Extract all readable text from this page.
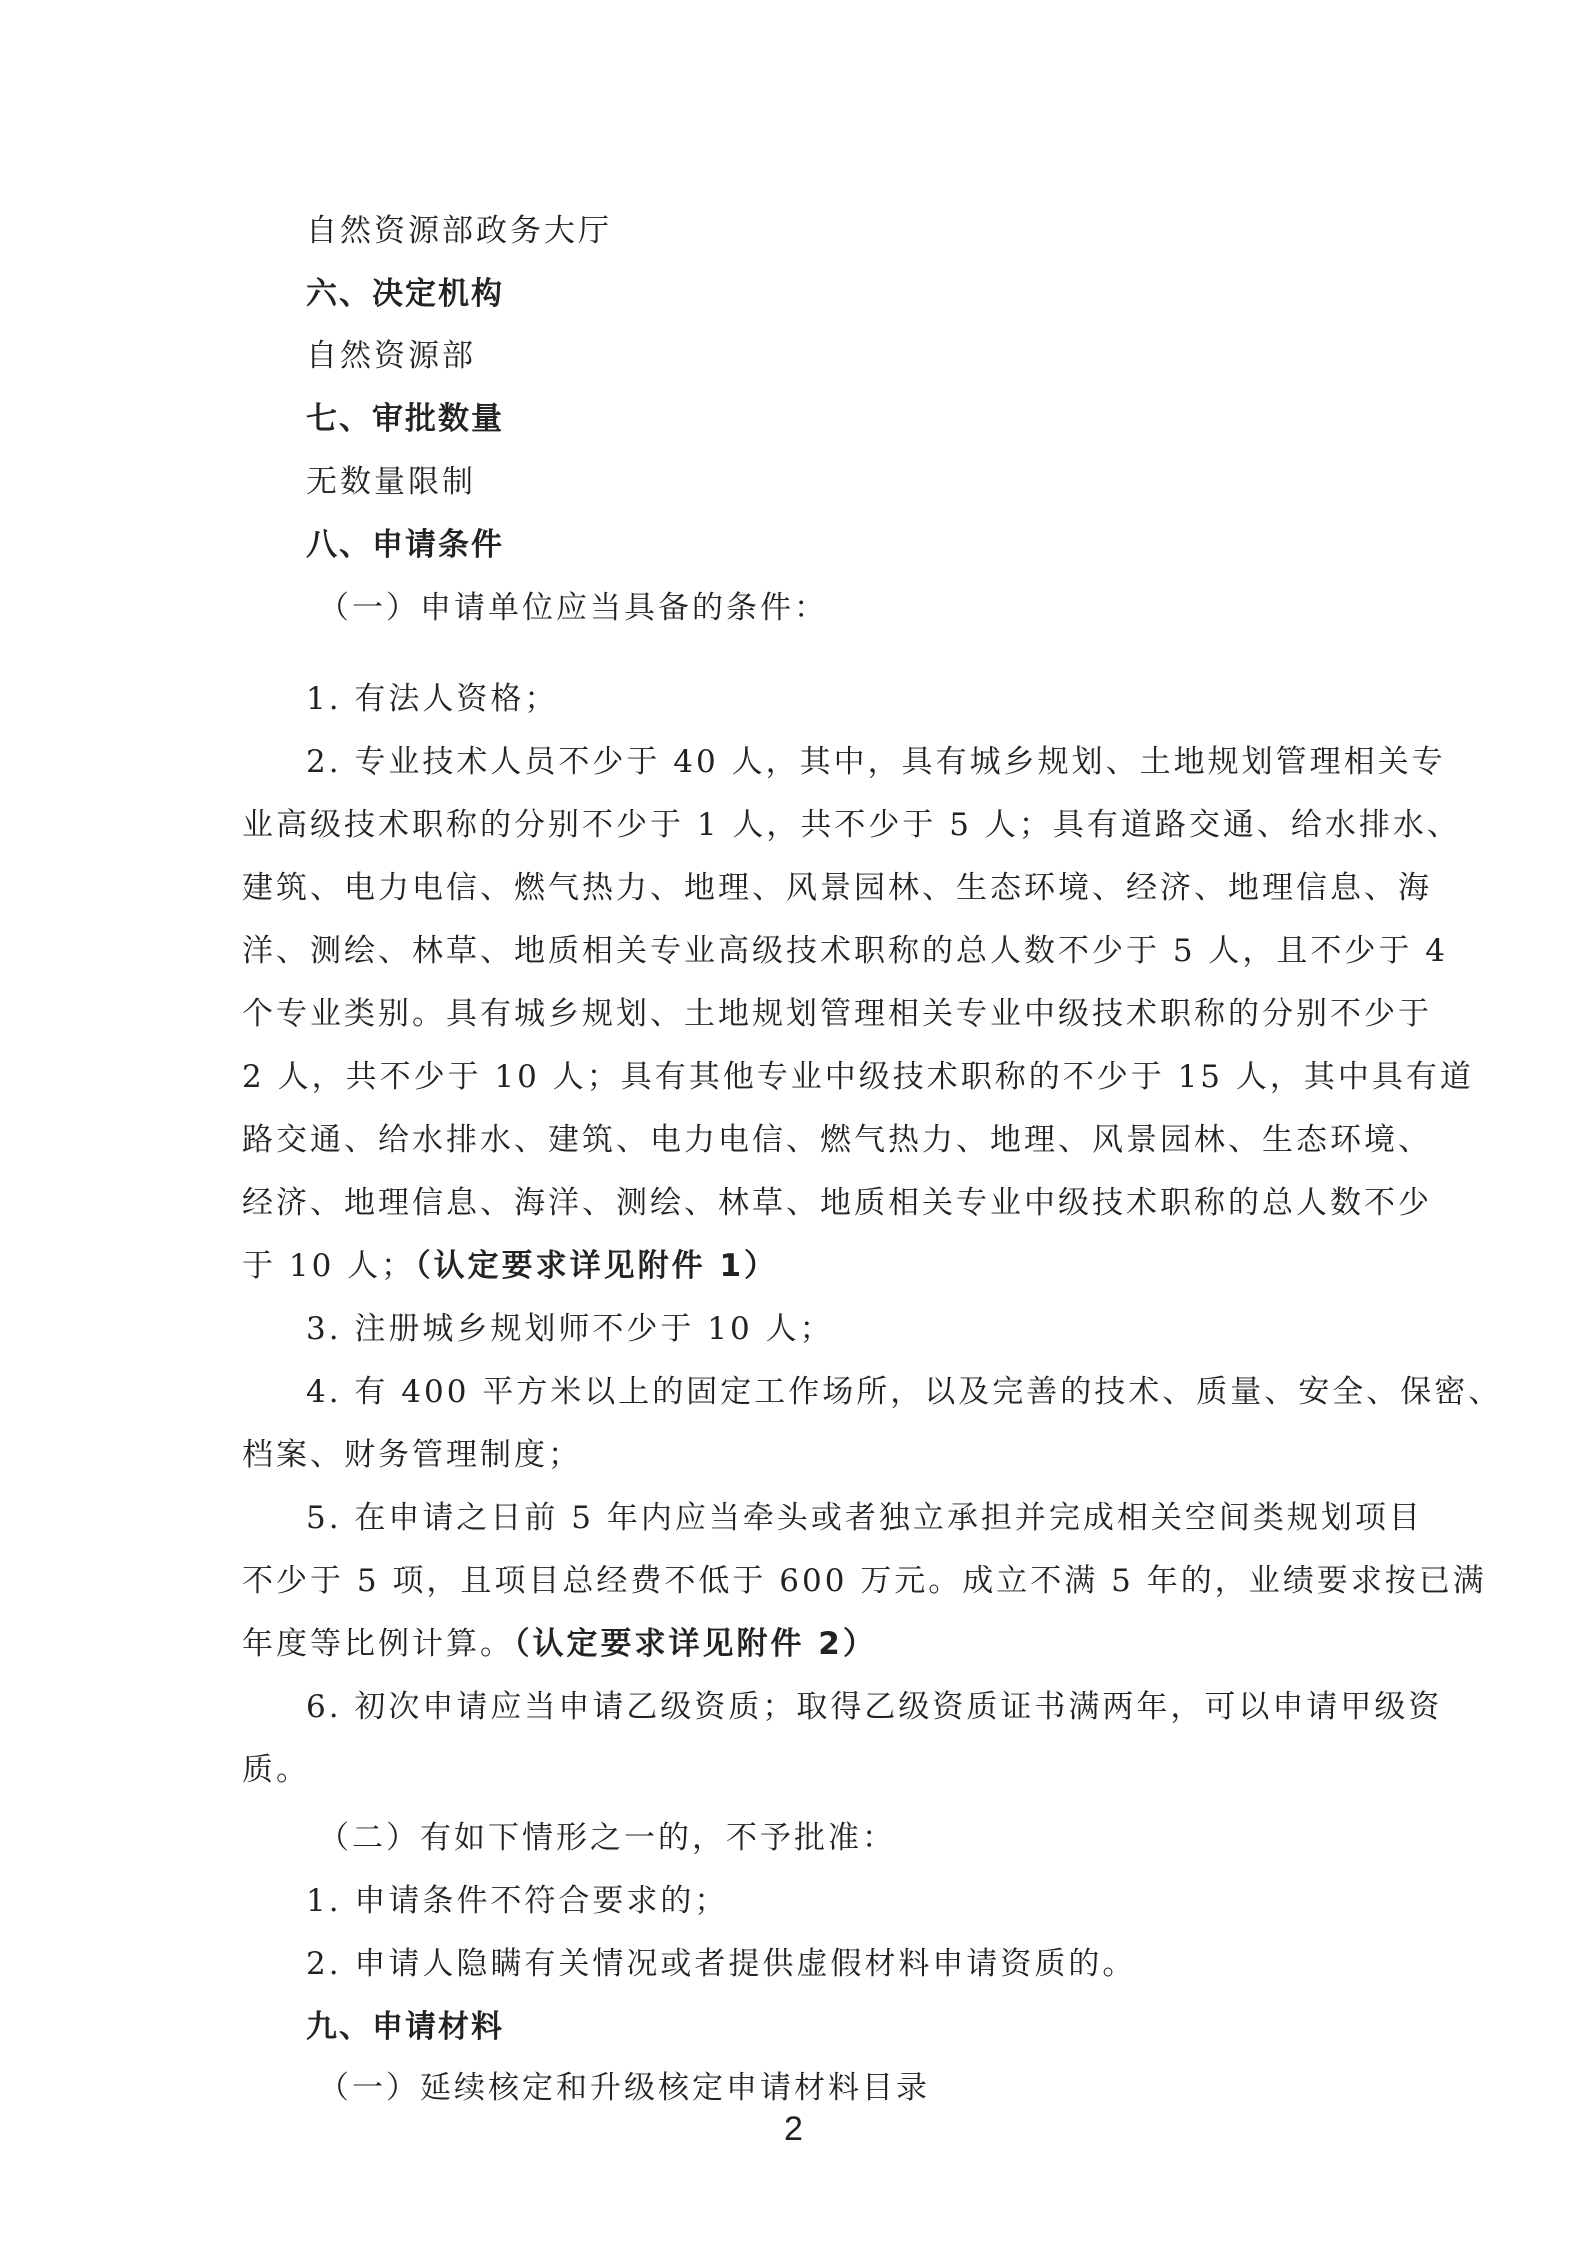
自然资源部政务大厅
六、决定机构
自然资源部
七、审批数量
无数量限制
八、申请条件
（一）申请单位应当具备的条件：
1. 有法人资格；
2. 专业技术人员不少于 40 人，其中，具有城乡规划、土地规划管理相关专
业高级技术职称的分别不少于 1 人，共不少于 5 人；具有道路交通、给水排水、
建筑、电力电信、燃气热力、地理、风景园林、生态环境、经济、地理信息、海
洋、测绘、林草、地质相关专业高级技术职称的总人数不少于 5 人，且不少于 4
个专业类别。具有城乡规划、土地规划管理相关专业中级技术职称的分别不少于
2 人，共不少于 10 人；具有其他专业中级技术职称的不少于 15 人，其中具有道
路交通、给水排水、建筑、电力电信、燃气热力、地理、风景园林、生态环境、
经济、地理信息、海洋、测绘、林草、地质相关专业中级技术职称的总人数不少
于 10 人；（认定要求详见附件 1）
3. 注册城乡规划师不少于 10 人；
4. 有 400 平方米以上的固定工作场所，以及完善的技术、质量、安全、保密、
档案、财务管理制度；
5. 在申请之日前 5 年内应当牵头或者独立承担并完成相关空间类规划项目
不少于 5 项，且项目总经费不低于 600 万元。成立不满 5 年的，业绩要求按已满
年度等比例计算。（认定要求详见附件 2）
6. 初次申请应当申请乙级资质；取得乙级资质证书满两年，可以申请甲级资
质。
（二）有如下情形之一的，不予批准：
1. 申请条件不符合要求的；
2. 申请人隐瞒有关情况或者提供虚假材料申请资质的。
九、申请材料
（一）延续核定和升级核定申请材料目录
2
